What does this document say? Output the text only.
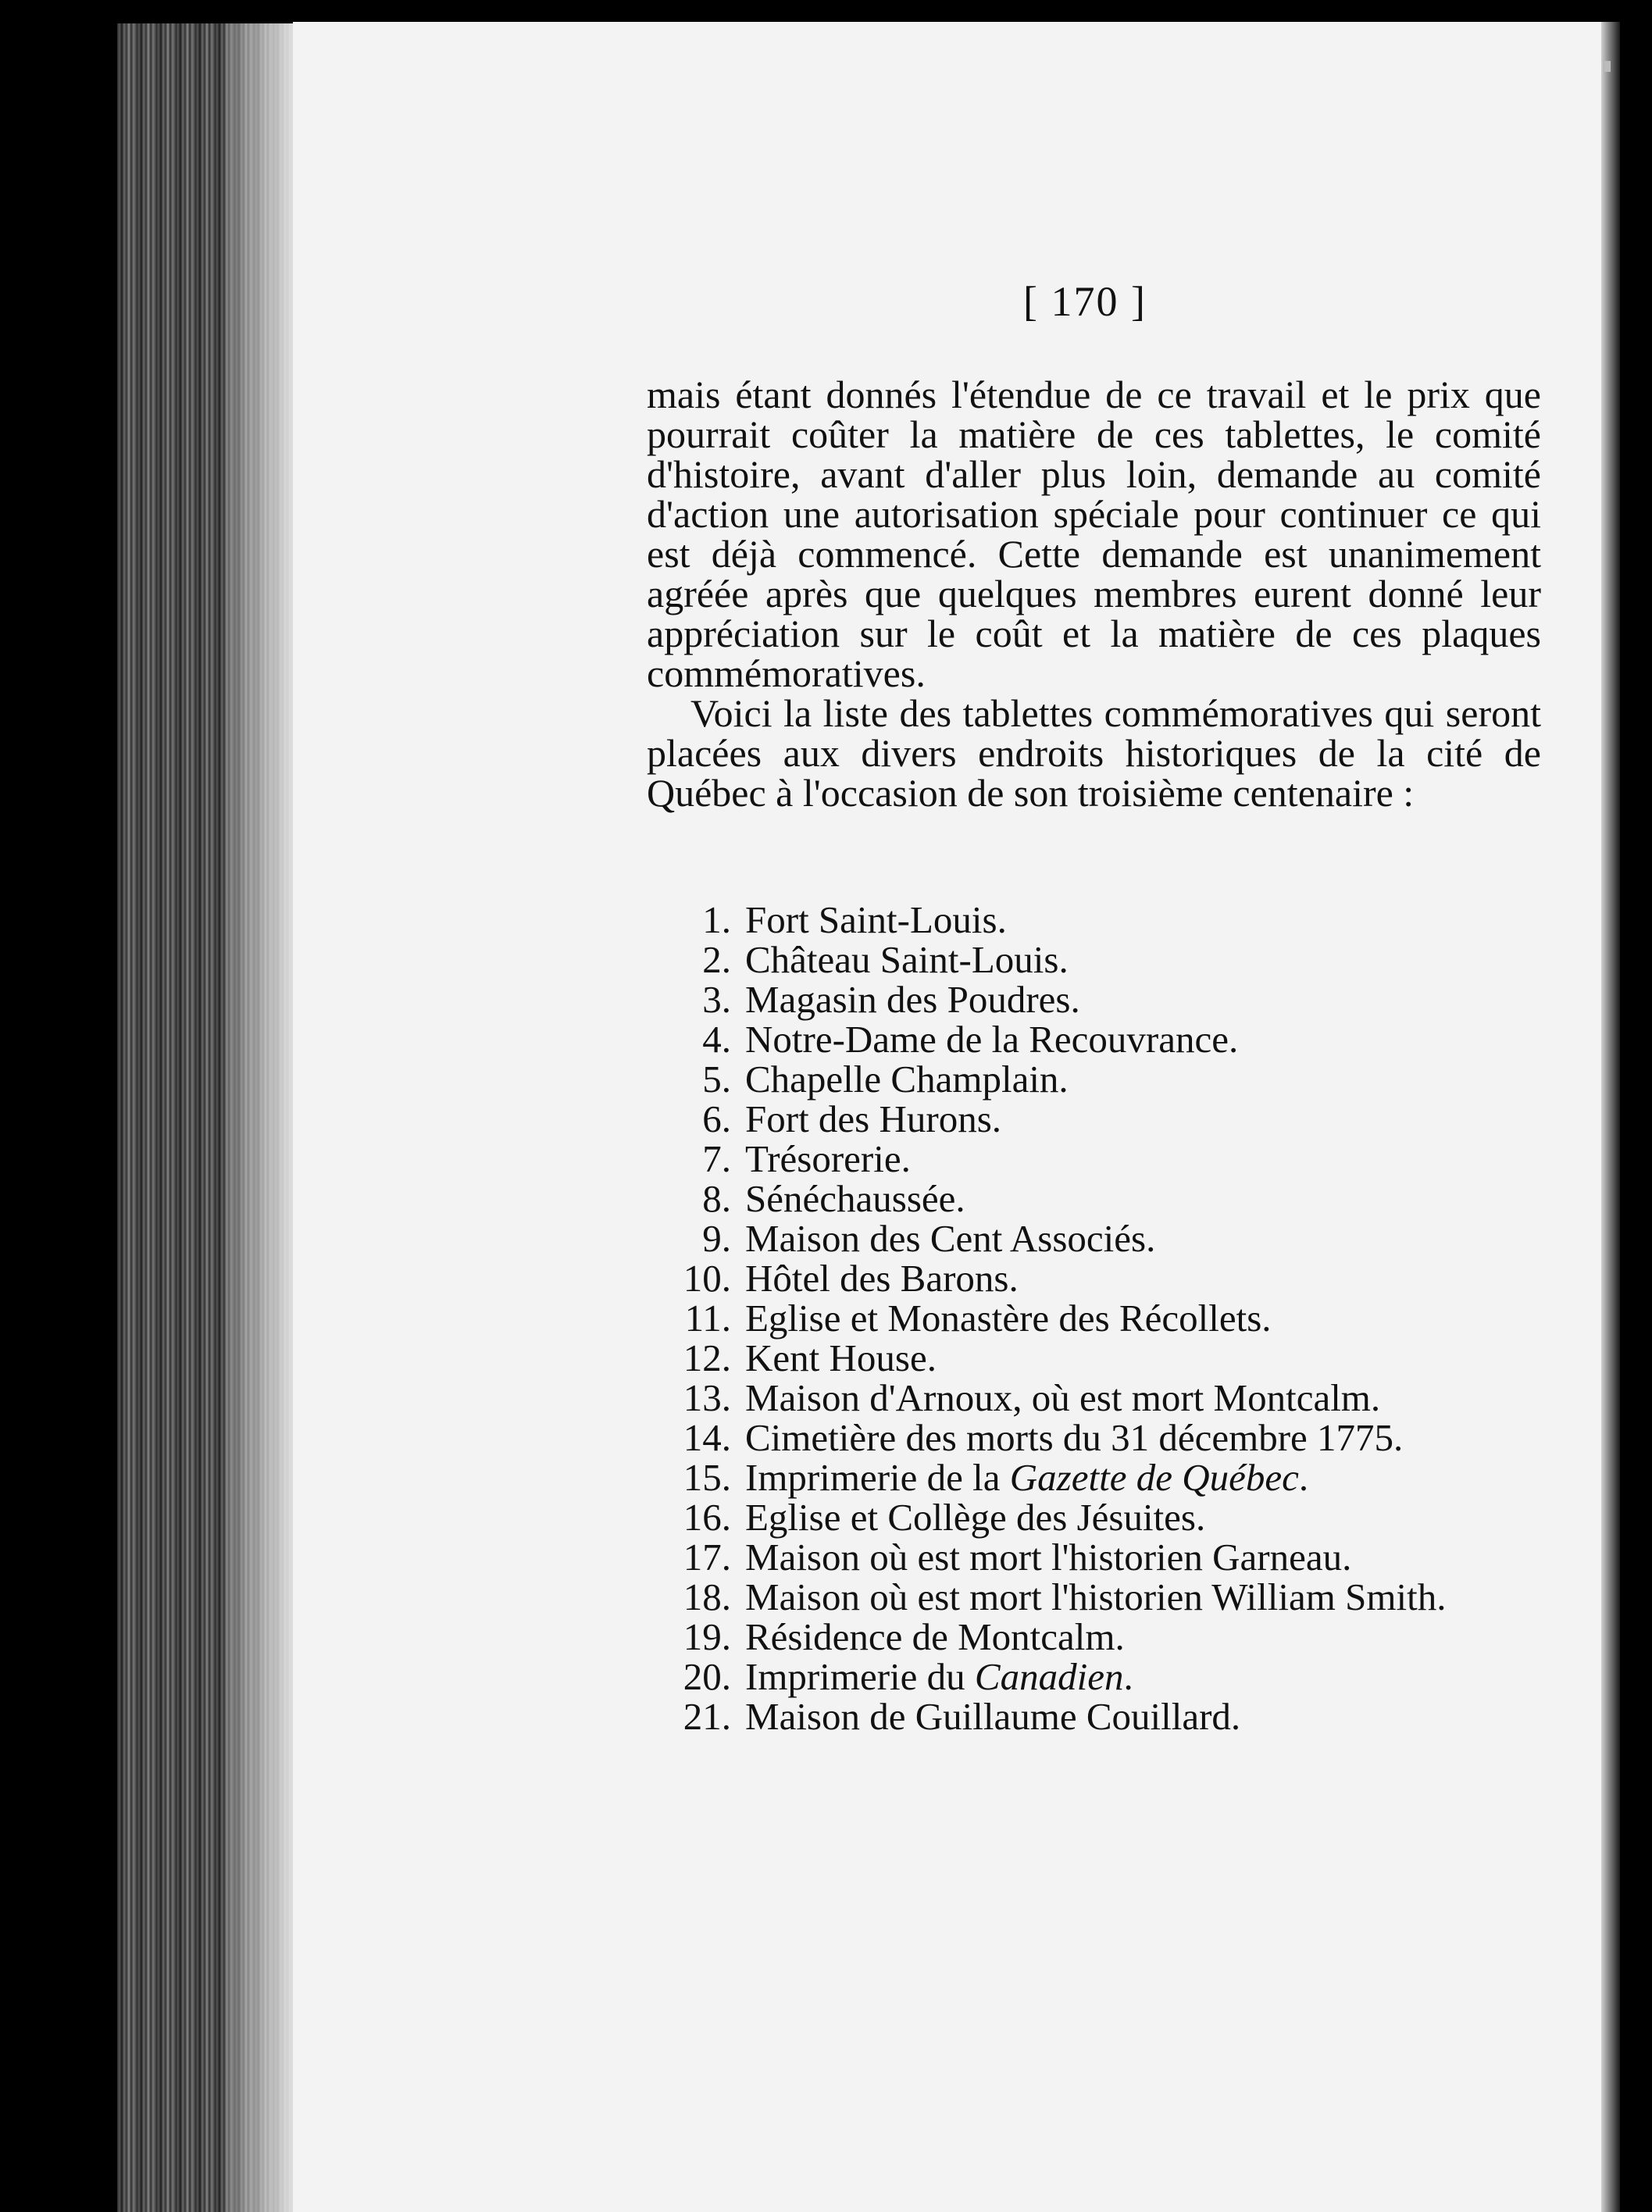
[ 170 ]

mais étant donnés l'étendue de ce travail et le prix que pourrait coûter la matière de ces tablettes, le comité d'histoire, avant d'aller plus loin, demande au comité d'action une autorisation spéciale pour continuer ce qui est déjà commencé. Cette demande est unanimement agréée après que quelques membres eurent donné leur appréciation sur le coût et la matière de ces plaques commémoratives.

Voici la liste des tablettes commémoratives qui seront placées aux divers endroits historiques de la cité de Québec à l'occasion de son troisième centenaire :

1. Fort Saint-Louis.
2. Château Saint-Louis.
3. Magasin des Poudres.
4. Notre-Dame de la Recouvrance.
5. Chapelle Champlain.
6. Fort des Hurons.
7. Trésorerie.
8. Sénéchaussée.
9. Maison des Cent Associés.
10. Hôtel des Barons.
11. Eglise et Monastère des Récollets.
12. Kent House.
13. Maison d'Arnoux, où est mort Montcalm.
14. Cimetière des morts du 31 décembre 1775.
15. Imprimerie de la Gazette de Québec.
16. Eglise et Collège des Jésuites.
17. Maison où est mort l'historien Garneau.
18. Maison où est mort l'historien William Smith.
19. Résidence de Montcalm.
20. Imprimerie du Canadien.
21. Maison de Guillaume Couillard.
